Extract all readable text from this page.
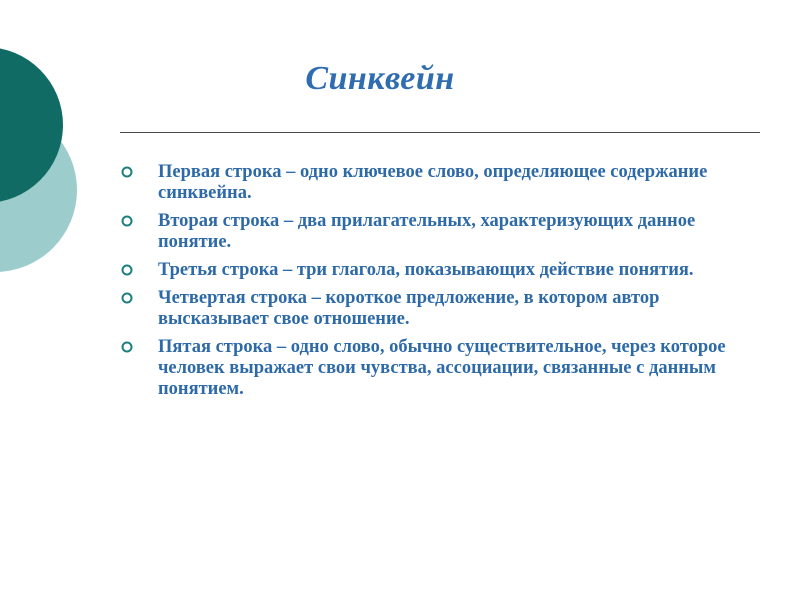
Синквейн
Первая строка – одно ключевое слово, определяющее содержание синквейна.
Вторая строка – два прилагательных, характеризующих данное понятие.
Третья строка – три глагола, показывающих действие понятия.
Четвертая строка – короткое предложение, в котором автор высказывает свое отношение.
Пятая строка – одно слово, обычно существительное, через которое человек выражает свои чувства, ассоциации, связанные с данным понятием.
